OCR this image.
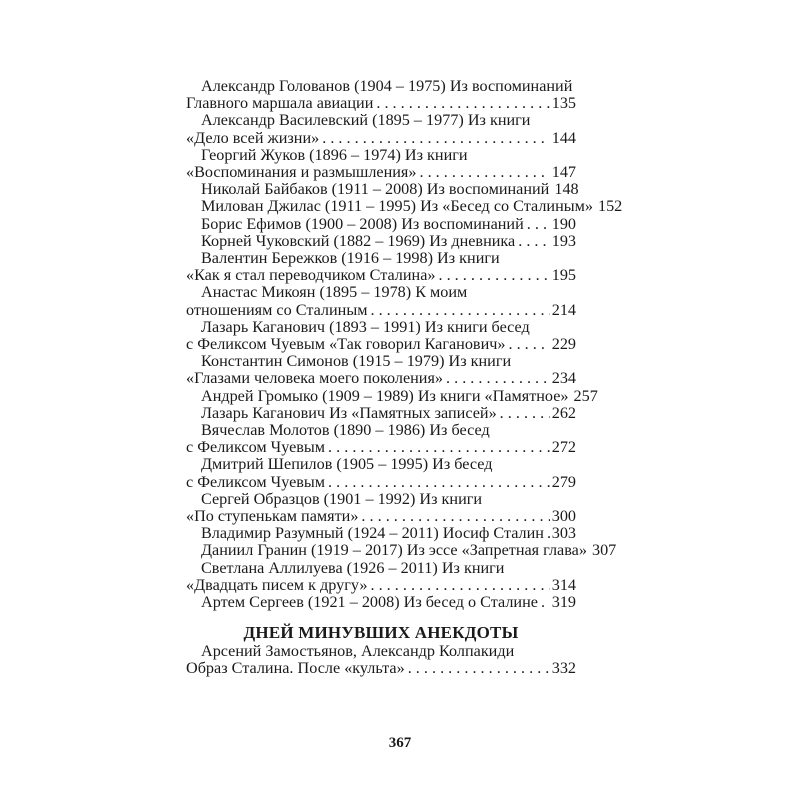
Александр Голованов (1904 – 1975) Из воспоминаний
Главного маршала авиации . . .	135
Александр Василевский (1895 – 1977) Из книги
«Дело всей жизни» . . .	144
Георгий Жуков (1896 – 1974) Из книги
«Воспоминания и размышления» . . .	147
Николай Байбаков (1911 – 2008) Из воспоминаний . . . 148
Милован Джилас (1911 – 1995) Из «Бесед со Сталиным» . . . 152
Борис Ефимов (1900 – 2008) Из воспоминаний . . . 190
Корней Чуковский (1882 – 1969) Из дневника . . . 193
Валентин Бережков (1916 – 1998) Из книги
«Как я стал переводчиком Сталина» . . .	195
Анастас Микоян (1895 – 1978) К моим
отношениям со Сталиным . . .	214
Лазарь Каганович (1893 – 1991) Из книги бесед
с Феликсом Чуевым «Так говорил Каганович» . . .	229
Константин Симонов (1915 – 1979) Из книги
«Глазами человека моего поколения» . . .	234
Андрей Громыко (1909 – 1989) Из книги «Памятное» . . . 257
Лазарь Каганович Из «Памятных записей» . . .	262
Вячеслав Молотов (1890 – 1986) Из бесед
с Феликсом Чуевым . . .	272
Дмитрий Шепилов (1905 – 1995) Из бесед
с Феликсом Чуевым . . .	279
Сергей Образцов (1901 – 1992) Из книги
«По ступенькам памяти» . . .	300
Владимир Разумный (1924 – 2011) Иосиф Сталин . . . 303
Даниил Гранин (1919 – 2017) Из эссе «Запретная глава» . . . 307
Светлана Аллилуева (1926 – 2011) Из книги
«Двадцать писем к другу» . . .	314
Артем Сергеев (1921 – 2008) Из бесед о Сталине . . . 319
ДНЕЙ МИНУВШИХ АНЕКДОТЫ
Арсений Замостьянов, Александр Колпакиди
Образ Сталина. После «культа» . . .	332
367
